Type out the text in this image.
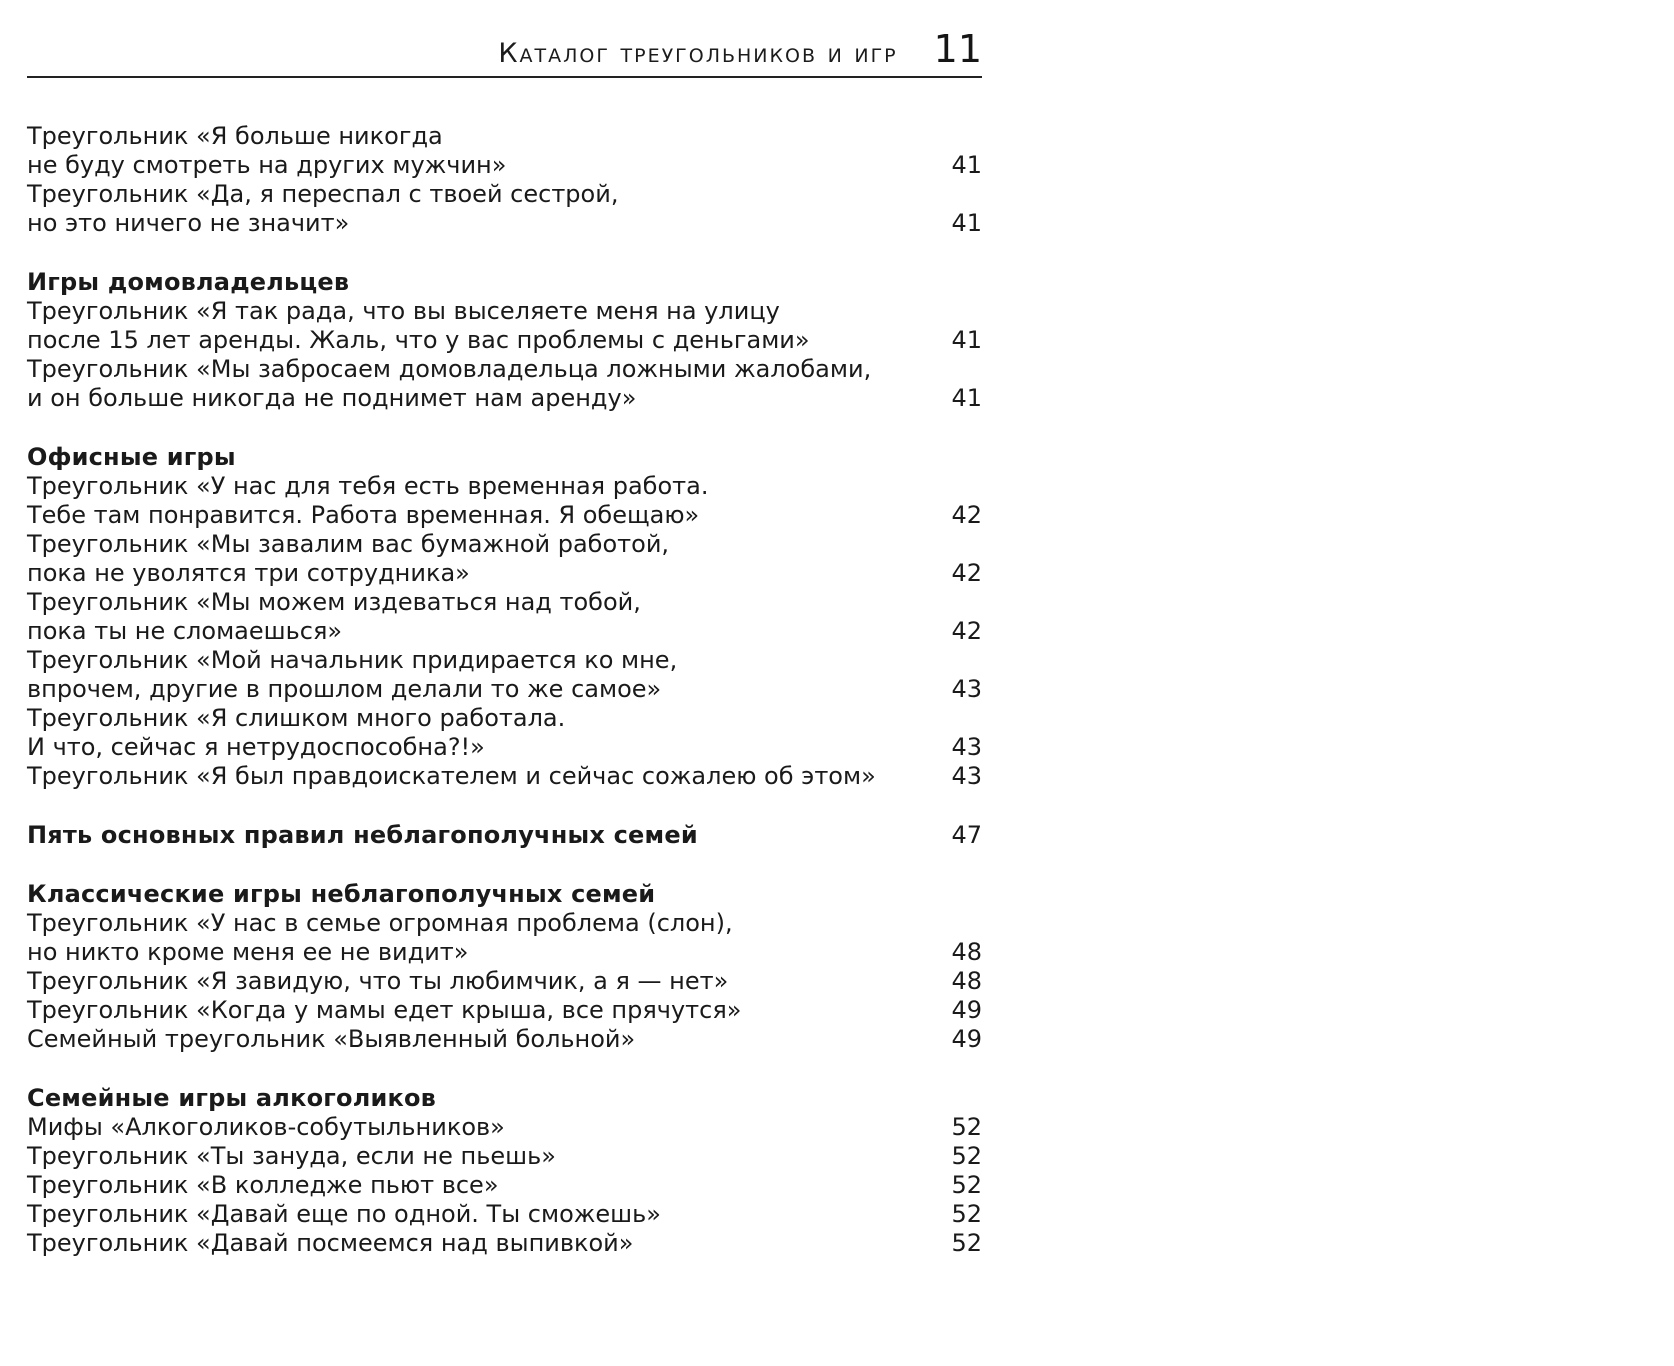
Каталог треугольников и игр 11
Треугольник «Я больше никогда
не буду смотреть на других мужчин»	41
Треугольник «Да, я переспал с твоей сестрой,
но это ничего не значит»	41
Игры домовладельцев
Треугольник «Я так рада, что вы выселяете меня на улицу
после 15 лет аренды. Жаль, что у вас проблемы с деньгами»	41
Треугольник «Мы забросаем домовладельца ложными жалобами,
и он больше никогда не поднимет нам аренду»	41
Офисные игры
Треугольник «У нас для тебя есть временная работа.
Тебе там понравится. Работа временная. Я обещаю»	42
Треугольник «Мы завалим вас бумажной работой,
пока не уволятся три сотрудника»	42
Треугольник «Мы можем издеваться над тобой,
пока ты не сломаешься»	42
Треугольник «Мой начальник придирается ко мне,
впрочем, другие в прошлом делали то же самое»	43
Треугольник «Я слишком много работала.
И что, сейчас я нетрудоспособна?!»	43
Треугольник «Я был правдоискателем и сейчас сожалею об этом»	43
Пять основных правил неблагополучных семей	47
Классические игры неблагополучных семей
Треугольник «У нас в семье огромная проблема (слон),
но никто кроме меня ее не видит»	48
Треугольник «Я завидую, что ты любимчик, а я — нет»	48
Треугольник «Когда у мамы едет крыша, все прячутся»	49
Семейный треугольник «Выявленный больной»	49
Семейные игры алкоголиков
Мифы «Алкоголиков-собутыльников»	52
Треугольник «Ты зануда, если не пьешь»	52
Треугольник «В колледже пьют все»	52
Треугольник «Давай еще по одной. Ты сможешь»	52
Треугольник «Давай посмеемся над выпивкой»	52
